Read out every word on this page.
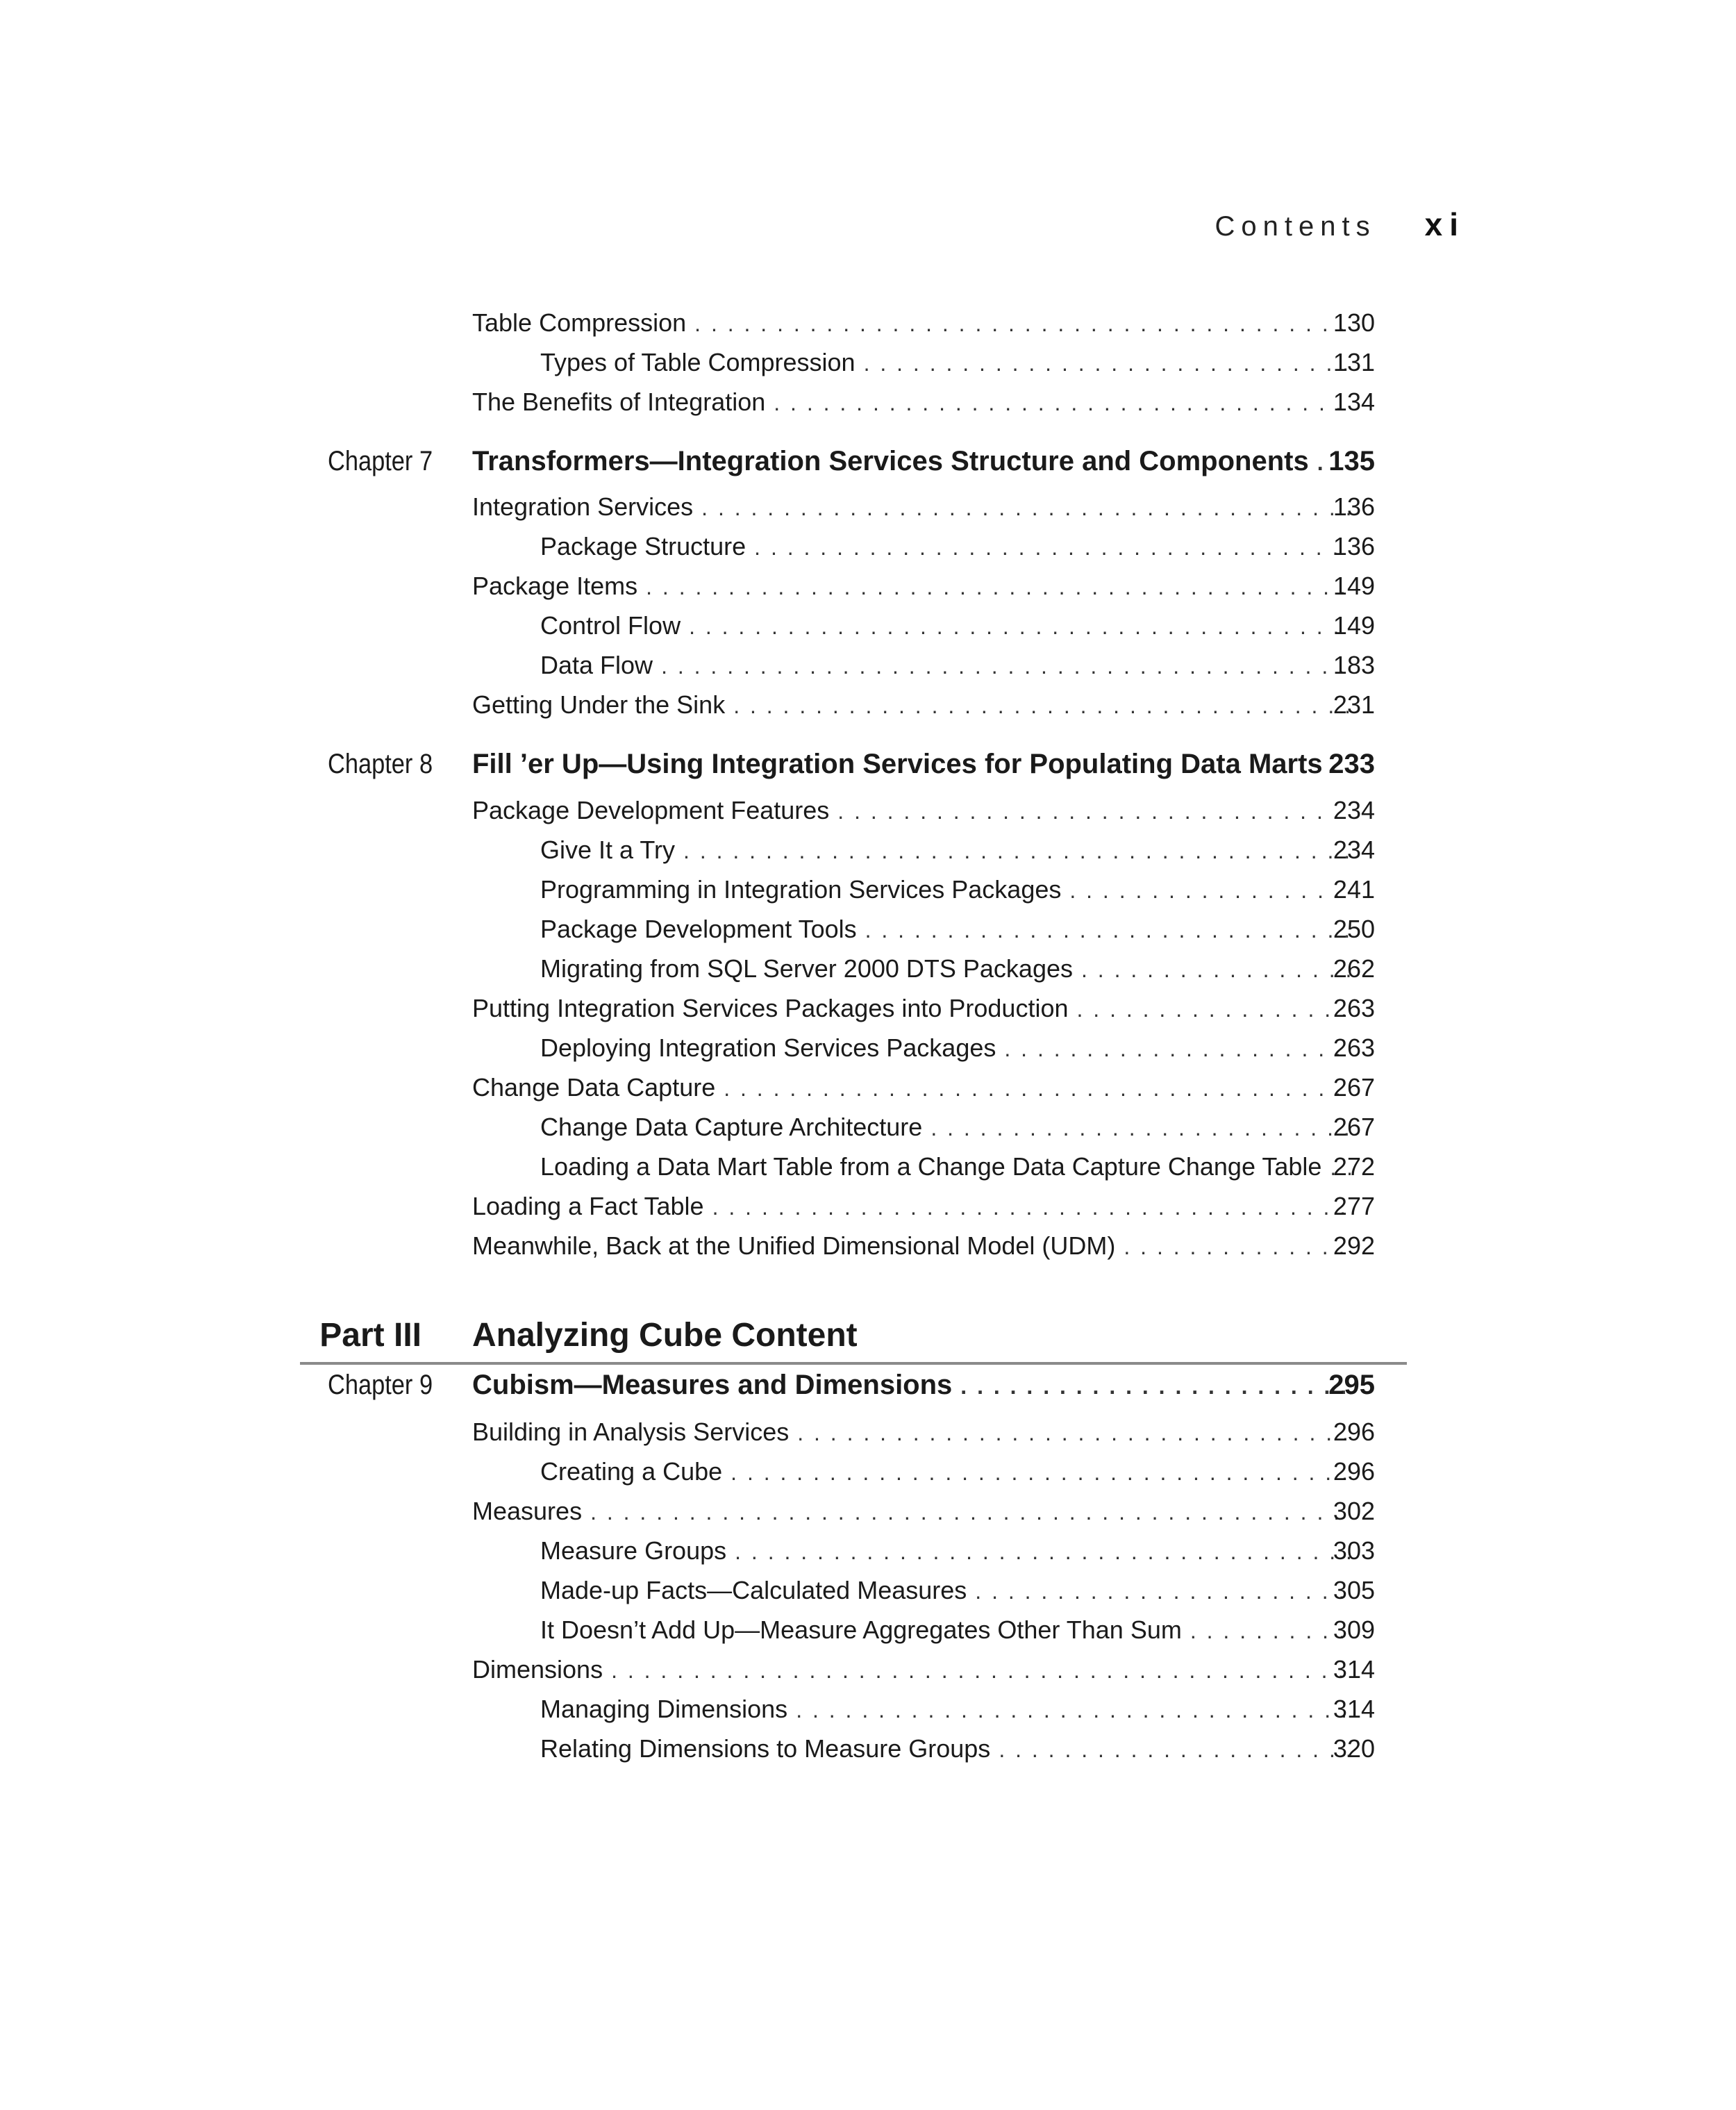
Contents xi
Part III Analyzing Cube Content
Table Compression . . .	130
Types of Table Compression . . .	131
The Benefits of Integration . . .	134
Chapter 7 Transformers—Integration Services Structure and Components . . . 135
Integration Services . . .	136
Package Structure . . .	136
Package Items . . .	149
Control Flow . . .	149
Data Flow . . .	183
Getting Under the Sink . . .	231
Chapter 8 Fill ’er Up—Using Integration Services for Populating Data Marts . . . 233
Package Development Features . . .	234
Give It a Try . . .	234
Programming in Integration Services Packages . . .	241
Package Development Tools . . .	250
Migrating from SQL Server 2000 DTS Packages . . .	262
Putting Integration Services Packages into Production . . .	263
Deploying Integration Services Packages . . .	263
Change Data Capture . . .	267
Change Data Capture Architecture . . .	267
Loading a Data Mart Table from a Change Data Capture Change Table . . . 272
Loading a Fact Table . . .	277
Meanwhile, Back at the Unified Dimensional Model (UDM) . . .	292
Chapter 9 Cubism—Measures and Dimensions . . .	295
Building in Analysis Services . . .	296
Creating a Cube . . .	296
Measures . . .	302
Measure Groups . . .	303
Made-up Facts—Calculated Measures . . .	305
It Doesn’t Add Up—Measure Aggregates Other Than Sum . . .	309
Dimensions . . .	314
Managing Dimensions . . .	314
Relating Dimensions to Measure Groups . . .	320
